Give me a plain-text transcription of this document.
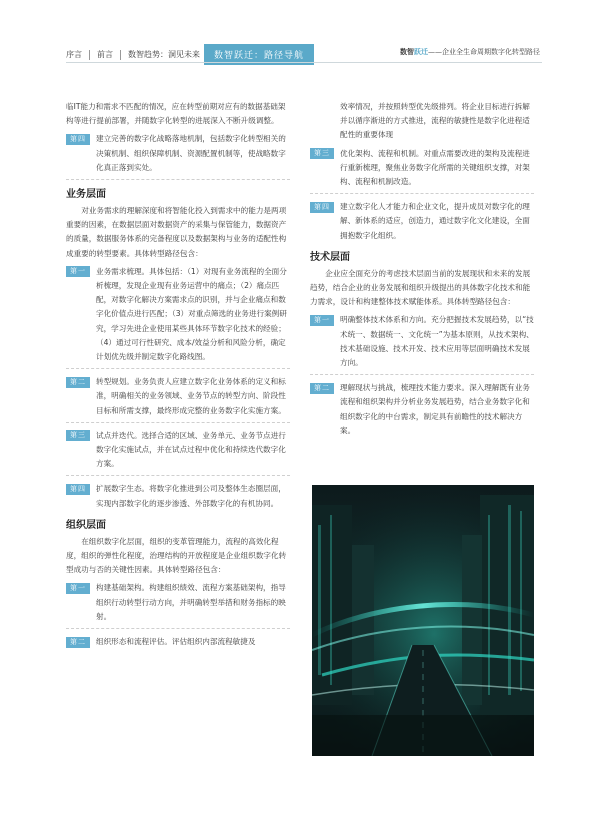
序言 前言 数智趋势：洞见未来	数智跃迁：路径导航	数智跃迁——企业全生命周期数字化转型路径

临IT能力和需求不匹配的情况，应在转型前期对应有的数据基础架构等进行提前部署，并随数字化转型的进展深入不断升级调整。

第四	建立完善的数字化战略落地机制，包括数字化转型相关的决策机制、组织保障机制、资源配置机制等，使战略数字化真正落到实处。
业务层面

对业务需求的理解深度和将智能化投入到需求中的能力是两项重要的因素，在数据层面对数据资产的采集与保管能力，数据资产的质量，数据服务体系的完备程度以及数据架构与业务的适配性构成重要的转型要素。具体转型路径包含：

第一	业务需求梳理。具体包括：（1）对现有业务流程的全面分析梳理，发现企业现有业务运营中的痛点；（2）痛点匹配，对数字化解决方案需求点的识别，并与企业痛点和数字化价值点进行匹配；（3）对重点筛选的业务进行案例研究，学习先进企业使用某些具体环节数字化技术的经验；（4）通过可行性研究、成本/效益分析和风险分析，确定计划优先级并制定数字化路线图。
第二	转型规划。业务负责人应建立数字化业务体系的定义和标准，明确相关的业务领域、业务节点的转型方向、阶段性目标和所需支撑，最终形成完整的业务数字化实施方案。
第三	试点并迭代。选择合适的区域、业务单元、业务节点进行数字化实施试点，并在试点过程中优化和持续迭代数字化方案。
第四	扩展数字生态。将数字化推进到公司及整体生态圈层面，实现内部数字化的逐步渗透、外部数字化的有机协同。
组织层面

在组织数字化层面，组织的变革管理能力，流程的高效化程度，组织的弹性化程度，治理结构的开放程度是企业组织数字化转型成功与否的关键性因素。具体转型路径包含：

第一	构建基础架构。构建组织绩效、流程方案基础架构，指导组织行动转型行动方向，并明确转型举措和财务指标的映射。
第二	组织形态和流程评估。评估组织内部流程敏捷及

效率情况，并按照转型优先级排列。将企业目标进行拆解并以循序渐进的方式推进，流程的敏捷性是数字化进程适配性的重要体现

第三	优化架构、流程和机制。对重点需要改进的架构及流程进行重新梳理，聚焦业务数字化所需的关键组织支撑，对架构、流程和机制改造。
第四	建立数字化人才能力和企业文化，提升成员对数字化的理解、新体系的适应，创造力，通过数字化文化建设，全面拥抱数字化组织。
技术层面

企业应全面充分的考虑技术层面当前的发展现状和未来的发展趋势，结合企业的业务发展和组织升级提出的具体数字化技术和能力需求，设计和构建整体技术赋能体系。具体转型路径包含：

第一	明确整体技术体系和方向。充分把握技术发展趋势，以“技术统一、数据统一、文化统一”为基本原则，从技术架构、技术基础设施、技术开发、技术应用等层面明确技术发展方向。
第二	理解现状与挑战，梳理技术能力要求。深入理解既有业务流程和组织架构并分析业务发展趋势，结合业务数字化和组织数字化的中台需求，制定具有前瞻性的技术解决方案。
